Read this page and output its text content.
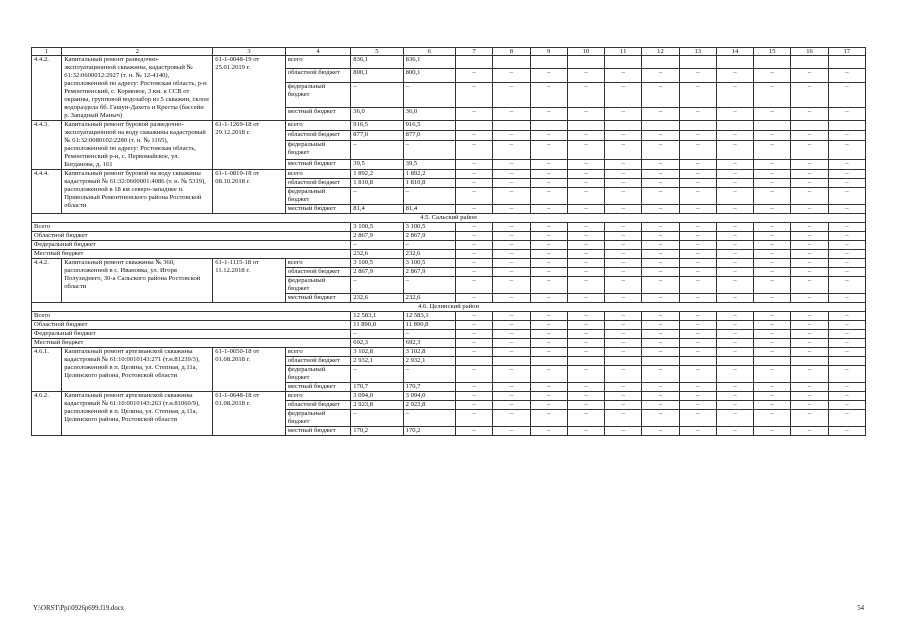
1	2	3	4	5	6	7	8	9	10	11	12	13	14	15	16	17
4.4.2.	Капитальный ремонт разведочно-эксплуатационной скважины, кадастровый № 61:32:0600012:2927 (т. н. № 12-4140), расположенной по адресу: Ростовская область, р-н Ремонтненский, с. Кормовое, 3 км. к ССВ от окраины, групповой водозабор из 5 скважин, склон водораздела бб. Гашун-Дахета и Кресты (бассейн р. Западный Маныч)	61-1-0048-19 от 25.01.2019 г.	всего	836,1	836,1											
			областной бюджет	800,1	800,1	–	–	–	–	–	–	–	–	–	–	–
			федеральный бюджет	–	–	–	–	–	–	–	–	–	–	–	–	–
			местный бюджет	36,0	36,0	–	–	–	–	–	–	–	–	–	–	–
4.4.3.	Капитальный ремонт буровой разведочно-эксплуатационной на воду скважины кадастровый № 61:32:0080102:2280 (т. н. № 1165), расположенной по адресу: Ростовская область, Ремонтненский р-н, с. Первомайское, ул. Богданова, д. 161	61-1-1269-18 от 29.12.2018 г.	всего	916,5	916,5											
			областной бюджет	877,0	877,0	–	–	–	–	–	–	–	–	–	–	–
			федеральный бюджет	–	–	–	–	–	–	–	–	–	–	–	–	–
			местный бюджет	39,5	39,5	–	–	–	–	–	–	–	–	–	–	–
4.4.4.	Капитальный ремонт буровой на воду скважины кадастровый № 61:32:0600001:4086 (т. н. № 5319), расположенной в 18 км северо-западнее п. Привольный Ремонтненского района Ростовской области	61-1-0819-18 от 08.10.2018 г.	всего	1 892,2	1 892,2	–	–	–	–	–	–	–	–	–	–	–
			областной бюджет	1 810,8	1 810,8	–	–	–	–	–	–	–	–	–	–	–
			федеральный бюджет	–	–	–	–	–	–	–	–	–	–	–	–	–
			местный бюджет	81,4	81,4	–	–	–	–	–	–	–	–	–	–	–
4.5. Сальский район																
Всего				3 100,5	3 100,5	–	–	–	–	–	–	–	–	–	–	–
Областной бюджет				2 867,9	2 867,9	–	–	–	–	–	–	–	–	–	–	–
Федеральный бюджет				–	–	–	–	–	–	–	–	–	–	–	–	–
Местный бюджет				232,6	232,6	–	–	–	–	–	–	–	–	–	–	–
4.4.2.	Капитальный ремонт скважины № 360, расположенной в с. Ивановка, ул. Игоря Полузиднего, 30-а Сальского района Ростовской области	61-1-1115-18 от 11.12.2018 г.	всего	3 100,5	3 100,5	–	–	–	–	–	–	–	–	–	–	–
			областной бюджет	2 867,9	2 867,9	–	–	–	–	–	–	–	–	–	–	–
			федеральный бюджет	–	–	–	–	–	–	–	–	–	–	–	–	–
			местный бюджет	232,6	232,6	–	–	–	–	–	–	–	–	–	–	–
4.6. Целинский район																
Всего				12 583,1	12 583,1	–	–	–	–	–	–	–	–	–	–	–
Областной бюджет				11 890,8	11 890,8	–	–	–	–	–	–	–	–	–	–	–
Федеральный бюджет				–	–	–	–	–	–	–	–	–	–	–	–	–
Местный бюджет				692,3	692,3	–	–	–	–	–	–	–	–	–	–	–
4.6.1.	Капитальный ремонт артезианской скважины кадастровый № 61:10:0010143:271 (т.н.81239/3), расположенной в п. Целина, ул. Степная, д.11а, Целинского района, Ростовской области	61-1-0650-18 от 01.08.2018 г.	всего	3 102,8	3 102,8	–	–	–	–	–	–	–	–	–	–	–
			областной бюджет	2 932,1	2 932,1											
			федеральный бюджет	–	–	–	–	–	–	–	–	–	–	–	–	–
			местный бюджет	170,7	170,7	–	–	–	–	–	–	–	–	–	–	–
4.6.2.	Капитальный ремонт артезианской скважины кадастровый № 61:10:0010143:263 (т.н.81060/9), расположенной в п. Целина, ул. Степная, д.11а, Целинского района, Ростовской области	61-1-0648-18 от 01.08.2018 г.	всего	3 094,0	3 094,0	–	–	–	–	–	–	–	–	–	–	–
			областной бюджет	2 923,8	2 923,8	–	–	–	–	–	–	–	–	–	–	–
			федеральный бюджет	–	–	–	–	–	–	–	–	–	–	–	–	–
			местный бюджет	170,2	170,2	–	–	–	–	–	–	–	–	–	–	–
Y:\ORST\Ppi\0926p699.f19.docx	54
